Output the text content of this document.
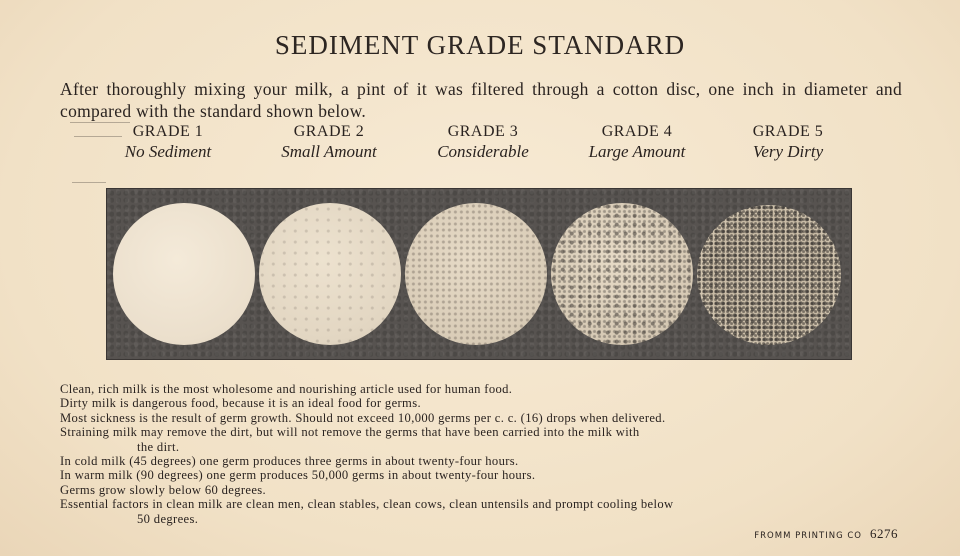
SEDIMENT GRADE STANDARD
After thoroughly mixing your milk, a pint of it was filtered through a cotton disc, one inch in diameter and compared with the standard shown below.
GRADE 1
No Sediment
GRADE 2
Small Amount
GRADE 3
Considerable
GRADE 4
Large Amount
GRADE 5
Very Dirty
Clean, rich milk is the most wholesome and nourishing article used for human food.
Dirty milk is dangerous food, because it is an ideal food for germs.
Most sickness is the result of germ growth. Should not exceed 10,000 germs per c. c. (16) drops when delivered.
Straining milk may remove the dirt, but will not remove the germs that have been carried into the milk with
the dirt.
In cold milk (45 degrees) one germ produces three germs in about twenty-four hours.
In warm milk (90 degrees) one germ produces 50,000 germs in about twenty-four hours.
Germs grow slowly below 60 degrees.
Essential factors in clean milk are clean men, clean stables, clean cows, clean untensils and prompt cooling below
50 degrees.
FROMM PRINTING CO 6276
